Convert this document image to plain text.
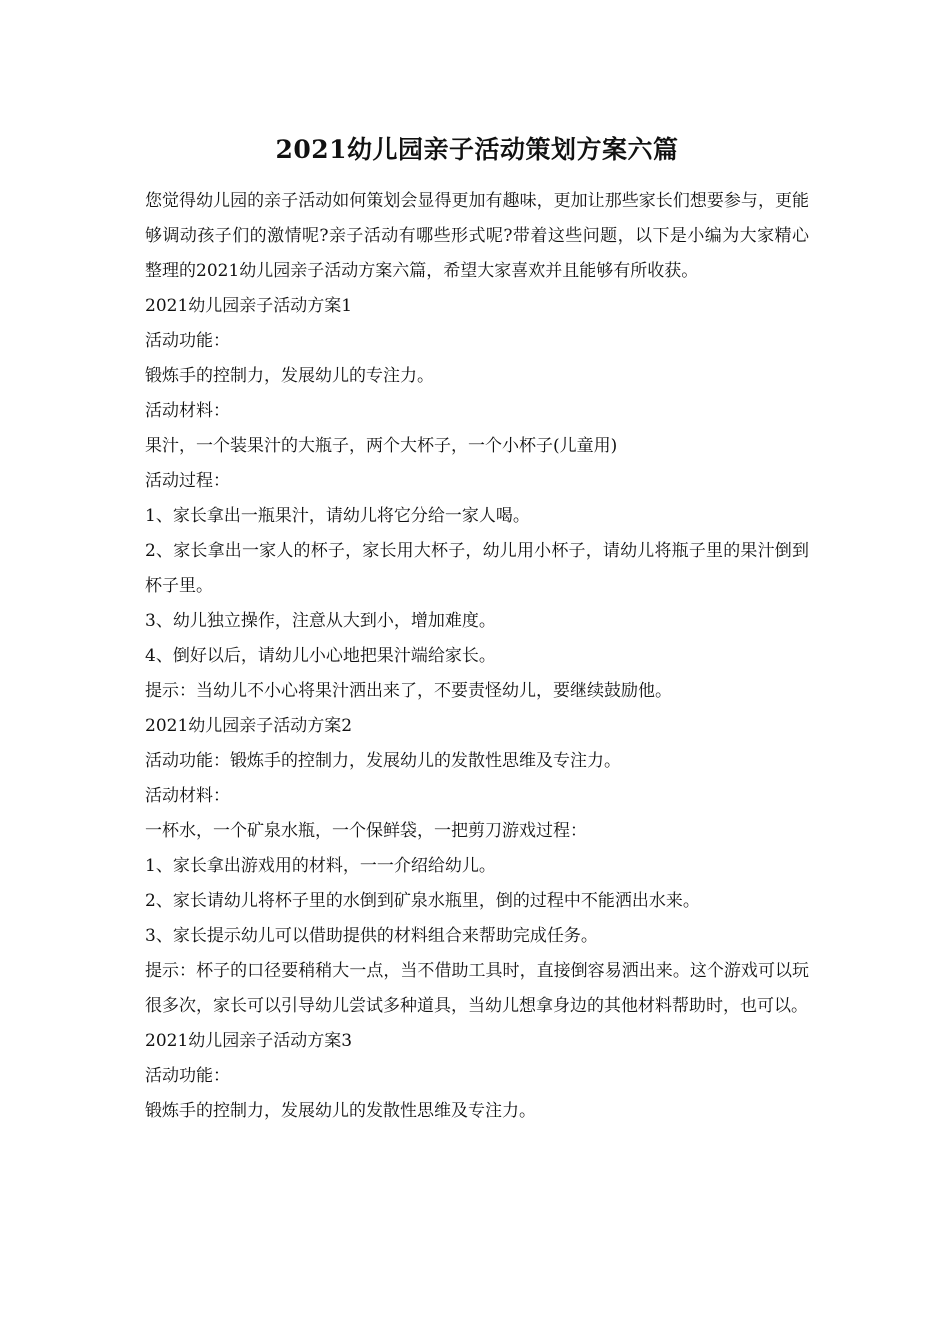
2021幼儿园亲子活动策划方案六篇

您觉得幼儿园的亲子活动如何策划会显得更加有趣味，更加让那些家长们想要参与，更能够调动孩子们的激情呢?亲子活动有哪些形式呢?带着这些问题，以下是小编为大家精心整理的2021幼儿园亲子活动方案六篇，希望大家喜欢并且能够有所收获。

2021幼儿园亲子活动方案1

活动功能：

锻炼手的控制力，发展幼儿的专注力。

活动材料：

果汁，一个装果汁的大瓶子，两个大杯子，一个小杯子(儿童用)

活动过程：

1、家长拿出一瓶果汁，请幼儿将它分给一家人喝。

2、家长拿出一家人的杯子，家长用大杯子，幼儿用小杯子，请幼儿将瓶子里的果汁倒到杯子里。

3、幼儿独立操作，注意从大到小，增加难度。

4、倒好以后，请幼儿小心地把果汁端给家长。

提示：当幼儿不小心将果汁洒出来了，不要责怪幼儿，要继续鼓励他。

2021幼儿园亲子活动方案2

活动功能：锻炼手的控制力，发展幼儿的发散性思维及专注力。

活动材料：

一杯水，一个矿泉水瓶，一个保鲜袋，一把剪刀游戏过程：

1、家长拿出游戏用的材料，一一介绍给幼儿。

2、家长请幼儿将杯子里的水倒到矿泉水瓶里，倒的过程中不能洒出水来。

3、家长提示幼儿可以借助提供的材料组合来帮助完成任务。

提示：杯子的口径要稍稍大一点，当不借助工具时，直接倒容易洒出来。这个游戏可以玩很多次，家长可以引导幼儿尝试多种道具，当幼儿想拿身边的其他材料帮助时，也可以。

2021幼儿园亲子活动方案3

活动功能：

锻炼手的控制力，发展幼儿的发散性思维及专注力。
